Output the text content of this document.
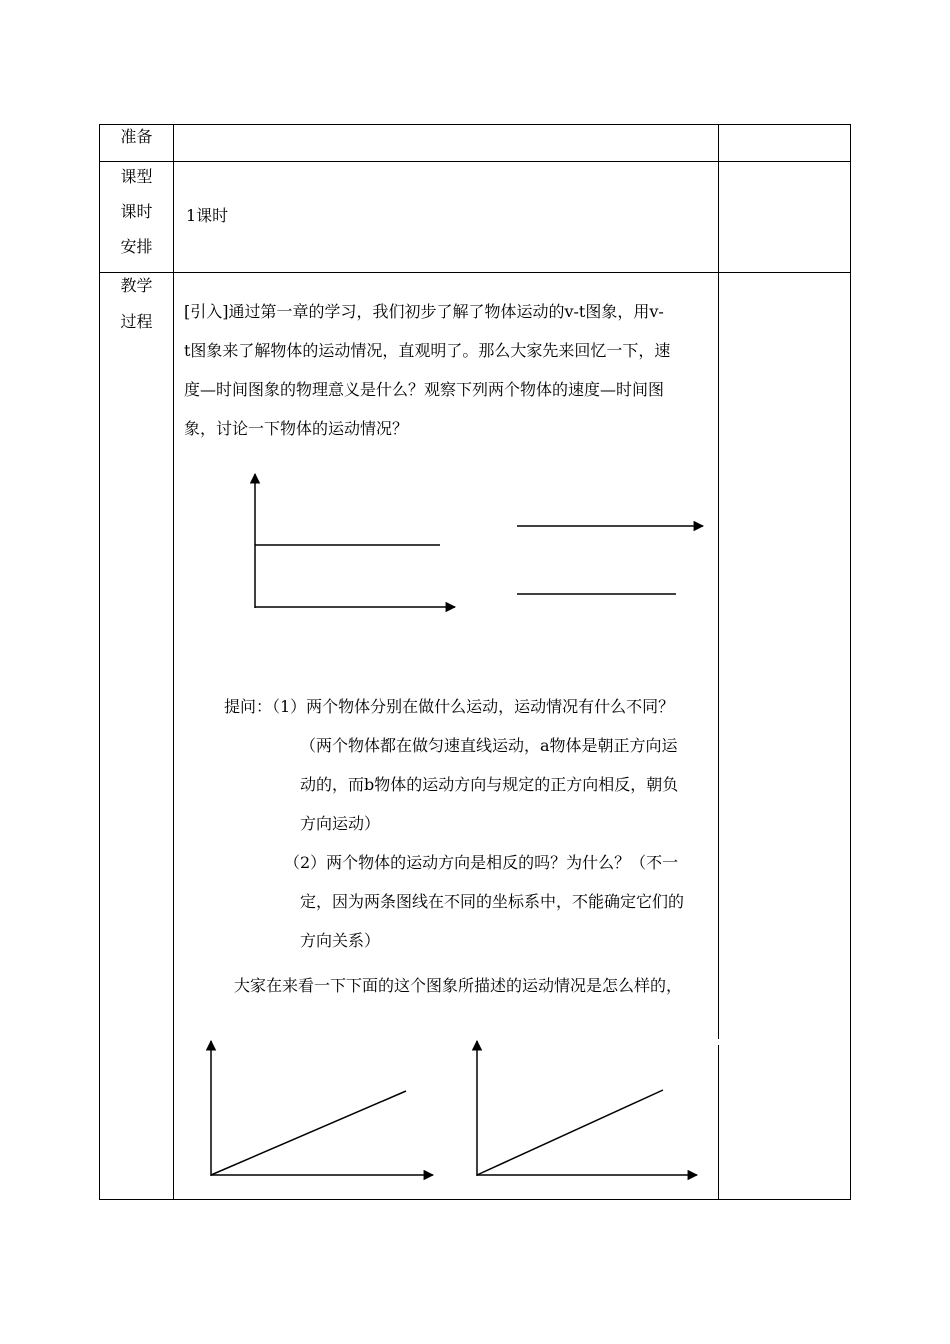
准备
课型
课时
安排
1课时
教学
过程
[引入]通过第一章的学习，我们初步了解了物体运动的v-t图象，用v-
t图象来了解物体的运动情况，直观明了。那么大家先来回忆一下，速
度—时间图象的物理意义是什么？观察下列两个物体的速度—时间图
象，讨论一下物体的运动情况？
提问：（1）两个物体分别在做什么运动，运动情况有什么不同？
（两个物体都在做匀速直线运动，a物体是朝正方向运
动的，而b物体的运动方向与规定的正方向相反，朝负
方向运动）
（2）两个物体的运动方向是相反的吗？为什么？（不一
定，因为两条图线在不同的坐标系中，不能确定它们的
方向关系）
大家在来看一下下面的这个图象所描述的运动情况是怎么样的，
